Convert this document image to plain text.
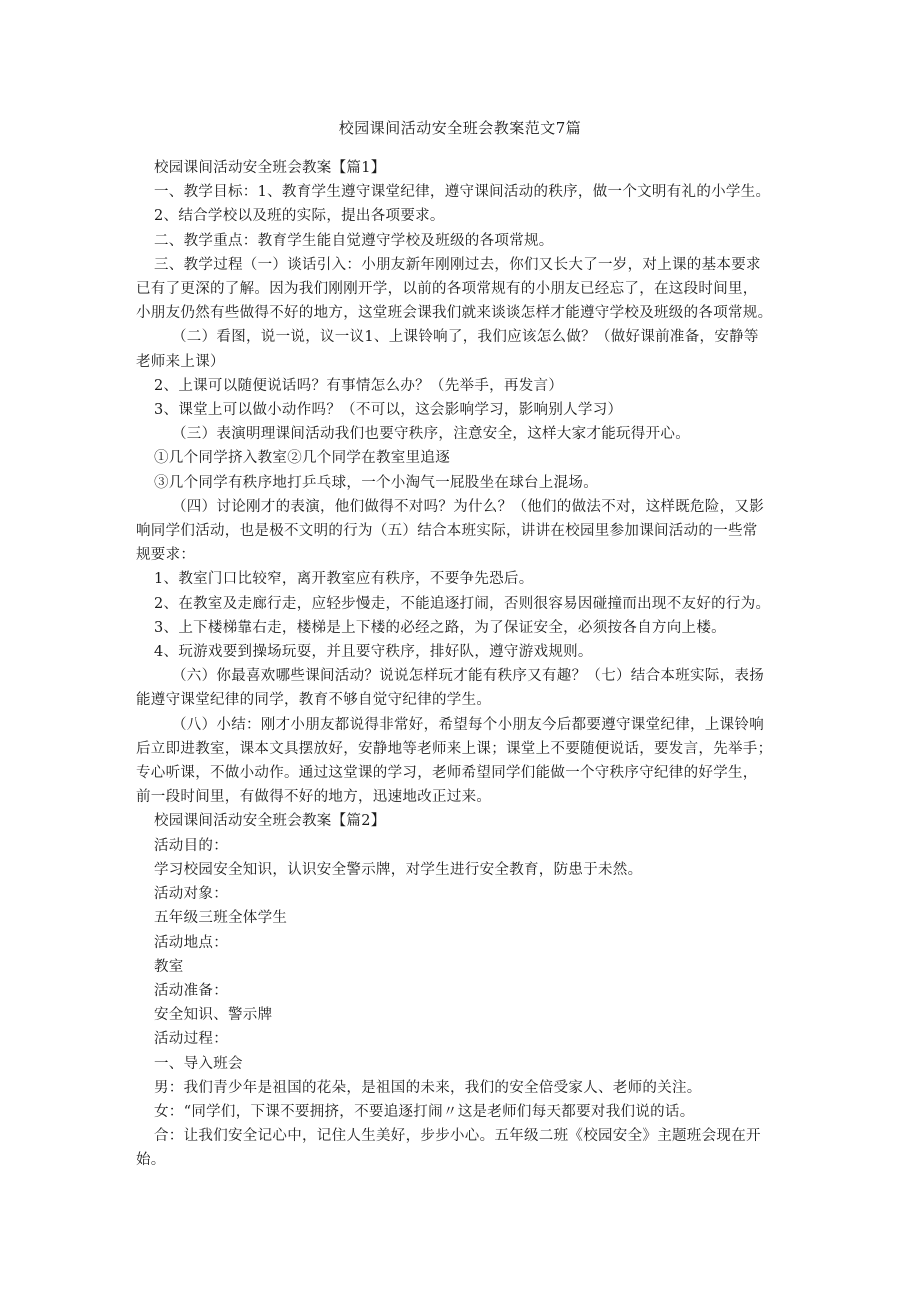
校园课间活动安全班会教案范文7篇

校园课间活动安全班会教案【篇1】

一、教学目标：1、教育学生遵守课堂纪律，遵守课间活动的秩序，做一个文明有礼的小学生。

2、结合学校以及班的实际，提出各项要求。

二、教学重点：教育学生能自觉遵守学校及班级的各项常规。

三、教学过程（一）谈话引入：小朋友新年刚刚过去，你们又长大了一岁，对上课的基本要求

已有了更深的了解。因为我们刚刚开学，以前的各项常规有的小朋友已经忘了，在这段时间里，

小朋友仍然有些做得不好的地方，这堂班会课我们就来谈谈怎样才能遵守学校及班级的各项常规。

（二）看图，说一说，议一议1、上课铃响了，我们应该怎么做？（做好课前准备，安静等

老师来上课）

2、上课可以随便说话吗？有事情怎么办？（先举手，再发言）

3、课堂上可以做小动作吗？（不可以，这会影响学习，影响别人学习）

（三）表演明理课间活动我们也要守秩序，注意安全，这样大家才能玩得开心。

①几个同学挤入教室②几个同学在教室里追逐

③几个同学有秩序地打乒乓球，一个小淘气一屁股坐在球台上混场。

（四）讨论刚才的表演，他们做得不对吗？为什么？（他们的做法不对，这样既危险，又影

响同学们活动，也是极不文明的行为（五）结合本班实际，讲讲在校园里参加课间活动的一些常

规要求：

1、教室门口比较窄，离开教室应有秩序，不要争先恐后。

2、在教室及走廊行走，应轻步慢走，不能追逐打闹，否则很容易因碰撞而出现不友好的行为。

3、上下楼梯靠右走，楼梯是上下楼的必经之路，为了保证安全，必须按各自方向上楼。

4、玩游戏要到操场玩耍，并且要守秩序，排好队，遵守游戏规则。

（六）你最喜欢哪些课间活动？说说怎样玩才能有秩序又有趣？（七）结合本班实际，表扬

能遵守课堂纪律的同学，教育不够自觉守纪律的学生。

（八）小结：刚才小朋友都说得非常好，希望每个小朋友今后都要遵守课堂纪律，上课铃响

后立即进教室，课本文具摆放好，安静地等老师来上课；课堂上不要随便说话，要发言，先举手；

专心听课，不做小动作。通过这堂课的学习，老师希望同学们能做一个守秩序守纪律的好学生，

前一段时间里，有做得不好的地方，迅速地改正过来。

校园课间活动安全班会教案【篇2】

活动目的：

学习校园安全知识，认识安全警示牌，对学生进行安全教育，防患于未然。

活动对象：

五年级三班全体学生

活动地点：

教室

活动准备：

安全知识、警示牌

活动过程：

一、导入班会

男：我们青少年是祖国的花朵，是祖国的未来，我们的安全倍受家人、老师的关注。

女：“同学们，下课不要拥挤，不要追逐打闹〃这是老师们每天都要对我们说的话。

合：让我们安全记心中，记住人生美好，步步小心。五年级二班《校园安全》主题班会现在开

始。
